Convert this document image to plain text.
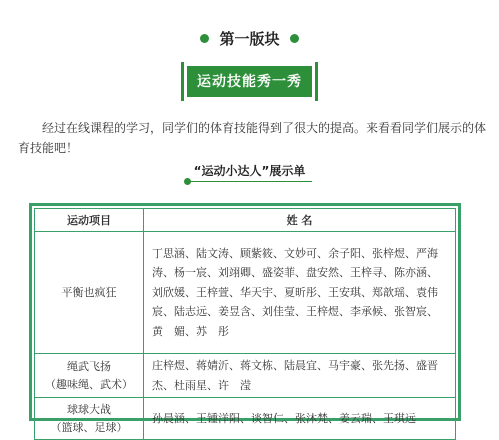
第一版块
运动技能秀一秀
经过在线课程的学习，同学们的体育技能得到了很大的提高。来看看同学们展示的体育技能吧！
“运动小达人”展示单
运动项目	姓 名
平衡也疯狂	丁思涵、陆文涛、顾紫筱、文妙可、余子阳、张梓煜、严海涛、杨一宸、刘翊卿、盛姿菲、盘安然、王梓寻、陈亦涵、刘欣媛、王梓萱、华天宇、夏昕彤、王安琪、郑歆瑶、袁伟宸、陆志远、姜昱含、刘佳莹、王梓煜、李承候、张智宸、黄　媚、苏　彤

绳武飞扬
（趣味绳、武术）	庄梓煜、蒋婧沂、蒋文栋、陆晨宜、马宇豪、张先扬、盛晋杰、杜雨星、许　滢

球球大战
（篮球、足球）	孙晨涵、王锺洋阳、谈智仁、张沐梵、姜云瑞、王琪远
